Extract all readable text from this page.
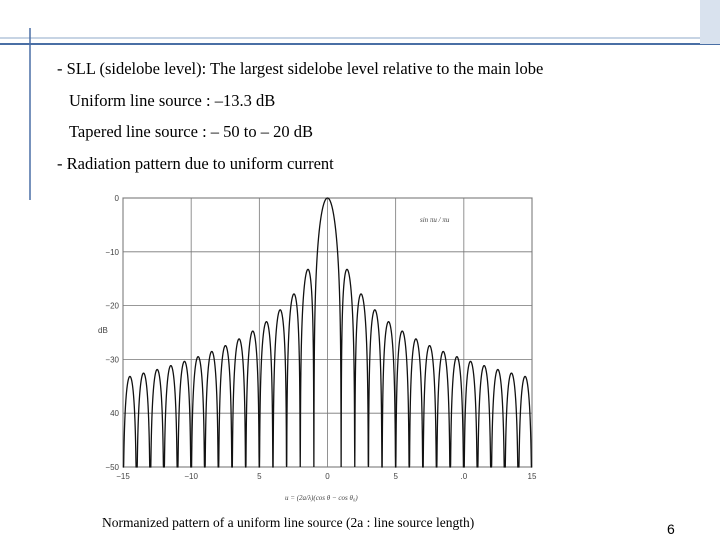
- SLL (sidelobe level): The largest sidelobe level relative to the main lobe
Uniform line source : –13.3 dB
Tapered line source : – 50 to – 20 dB
- Radiation pattern due to uniform current
0
−10
−20
−30
40
−50
−15	−10	5	0	5	.0	15
dB
u = (2a/λ)(cos θ − cos θ₀)
sin πu / πu
Normanized pattern of a uniform line source (2a : line source length)	6
